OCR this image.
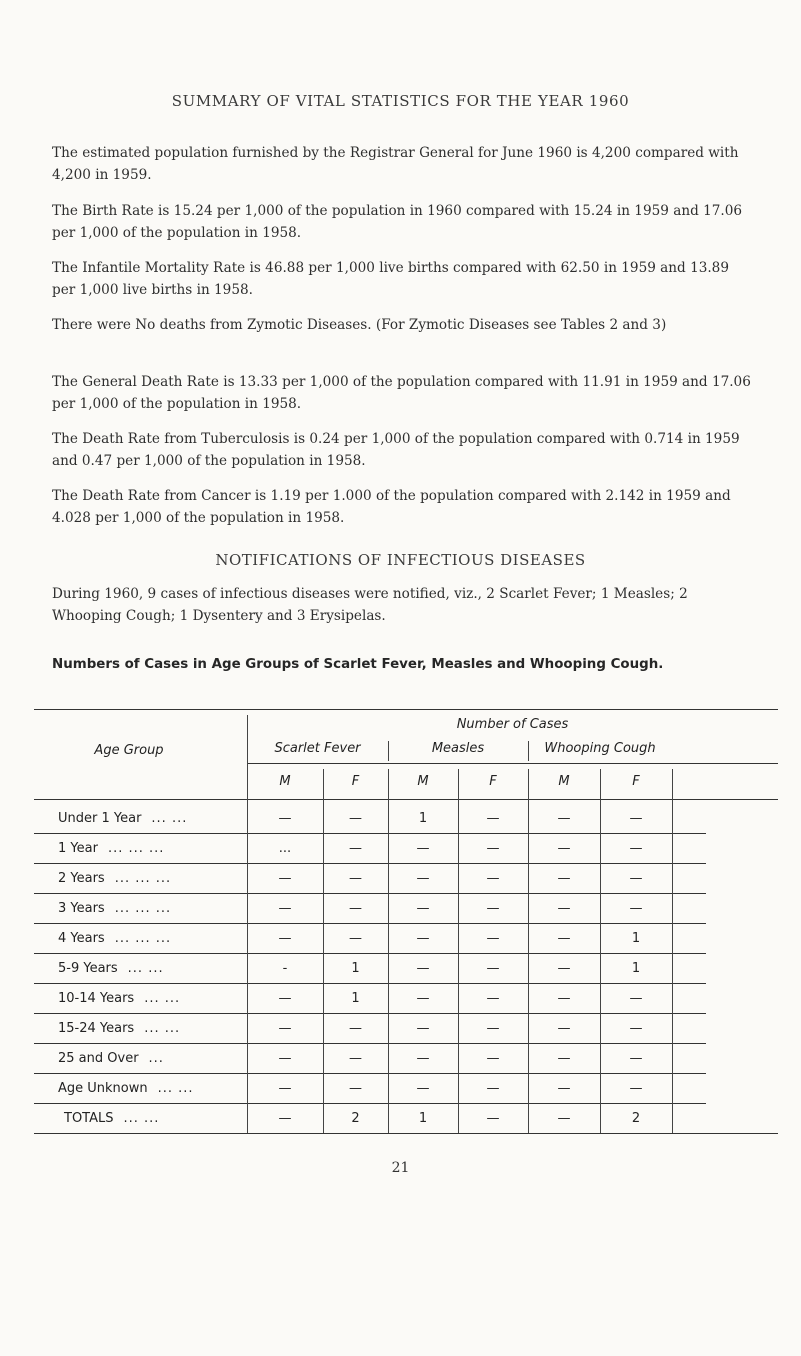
SUMMARY OF VITAL STATISTICS FOR THE YEAR 1960
The estimated population furnished by the Registrar General for June 1960 is 4,200 compared with 4,200 in 1959.
The Birth Rate is 15.24 per 1,000 of the population in 1960 compared with 15.24 in 1959 and 17.06 per 1,000 of the population in 1958.
The Infantile Mortality Rate is 46.88 per 1,000 live births compared with 62.50 in 1959 and 13.89 per 1,000 live births in 1958.
There were No deaths from Zymotic Diseases. (For Zymotic Diseases see Tables 2 and 3)
The General Death Rate is 13.33 per 1,000 of the population compared with 11.91 in 1959 and 17.06 per 1,000 of the population in 1958.
The Death Rate from Tuberculosis is 0.24 per 1,000 of the population compared with 0.714 in 1959 and 0.47 per 1,000 of the population in 1958.
The Death Rate from Cancer is 1.19 per 1.000 of the population compared with 2.142 in 1959 and 4.028 per 1,000 of the population in 1958.
NOTIFICATIONS OF INFECTIOUS DISEASES
During 1960, 9 cases of infectious diseases were notified, viz., 2 Scarlet Fever; 1 Measles; 2 Whooping Cough; 1 Dysentery and 3 Erysipelas.
Numbers of Cases in Age Groups of Scarlet Fever, Measles and Whooping Cough.
Age Group
Number of Cases
Scarlet Fever	Measles	Whooping Cough
M	F	M	F	M	F
Under 1 Year ... ...	—	—	1	—	—	—
1 Year ... ... ...	...	—	—	—	—	—
2 Years ... ... ...	—	—	—	—	—	—
3 Years ... ... ...	—	—	—	—	—	—
4 Years ... ... ...	—	—	—	—	—	1
5-9 Years ... ...	-	1	—	—	—	1
10-14 Years ... ...	—	1	—	—	—	—
15-24 Years ... ...	—	—	—	—	—	—
25 and Over ...	—	—	—	—	—	—
Age Unknown ... ...	—	—	—	—	—	—
TOTALS ... ...	—	2	1	—	—	2
21
